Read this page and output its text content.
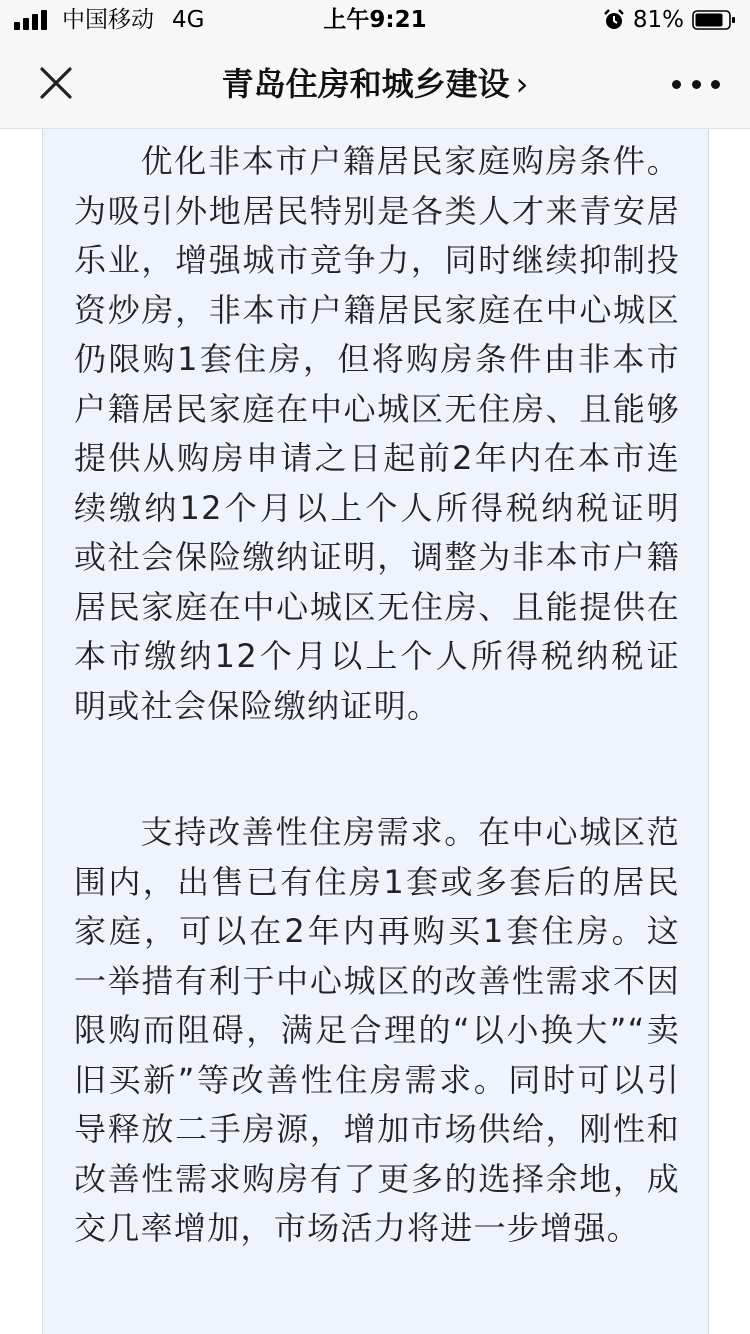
中国移动 4G	上午9:21	81%
青岛住房和城乡建设 ›

优化非本市户籍居民家庭购房条件。为吸引外地居民特别是各类人才来青安居乐业，增强城市竞争力，同时继续抑制投资炒房，非本市户籍居民家庭在中心城区仍限购1套住房，但将购房条件由非本市户籍居民家庭在中心城区无住房、且能够提供从购房申请之日起前2年内在本市连续缴纳12个月以上个人所得税纳税证明或社会保险缴纳证明，调整为非本市户籍居民家庭在中心城区无住房、且能提供在本市缴纳12个月以上个人所得税纳税证明或社会保险缴纳证明。

支持改善性住房需求。在中心城区范围内，出售已有住房1套或多套后的居民家庭，可以在2年内再购买1套住房。这一举措有利于中心城区的改善性需求不因限购而阻碍，满足合理的“以小换大”“卖旧买新”等改善性住房需求。同时可以引导释放二手房源，增加市场供给，刚性和改善性需求购房有了更多的选择余地，成交几率增加，市场活力将进一步增强。
